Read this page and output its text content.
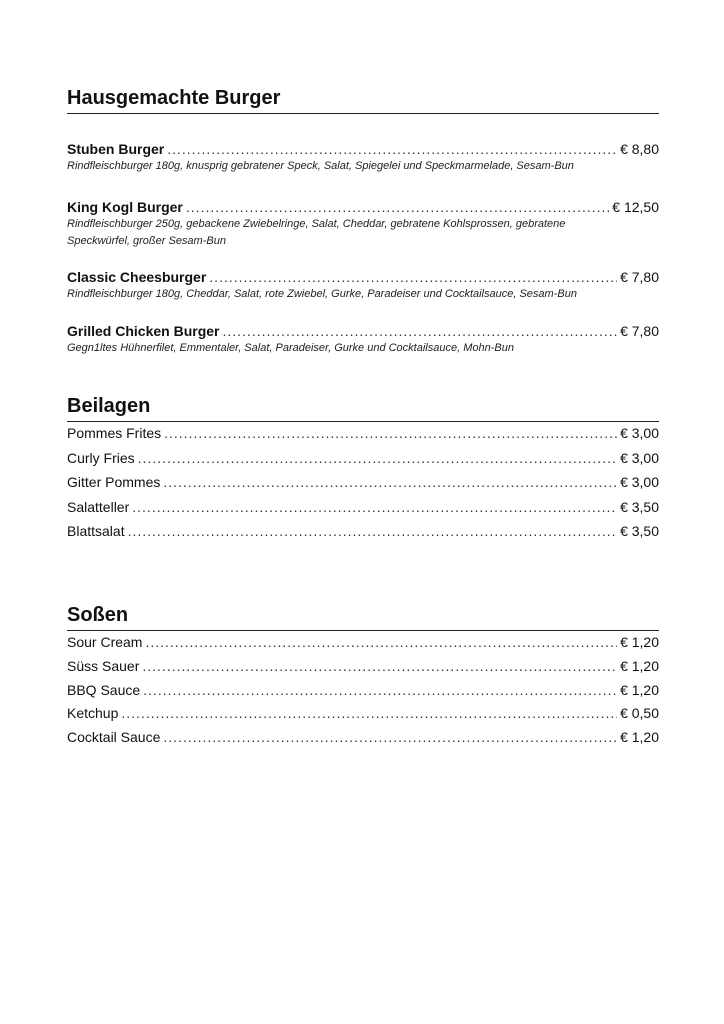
Hausgemachte Burger
Stuben Burger .....	€ 8,80
Rindfleischburger 180g, knusprig gebratener Speck, Salat, Spiegelei und Speckmarmelade, Sesam-Bun
King Kogl Burger .....	€ 12,50
Rindfleischburger 250g, gebackene Zwiebelringe, Salat, Cheddar, gebratene Kohlsprossen, gebratene Speckwürfel, großer Sesam-Bun
Classic Cheesburger .....	€ 7,80
Rindfleischburger 180g, Cheddar, Salat, rote Zwiebel, Gurke, Paradeiser und Cocktailsauce, Sesam-Bun
Grilled Chicken Burger .....	€ 7,80
Gegn1ltes Hühnerfilet, Emmentaler, Salat, Paradeiser, Gurke und Cocktailsauce, Mohn-Bun
Beilagen
Pommes Frites .....	€ 3,00
Curly Fries .....	€ 3,00
Gitter Pommes .....	€ 3,00
Salatteller .....	€ 3,50
Blattsalat .....	€ 3,50
Soßen
Sour Cream .....	€ 1,20
Süss Sauer .....	€ 1,20
BBQ Sauce .....	€ 1,20
Ketchup .....	€ 0,50
Cocktail Sauce .....	€ 1,20
